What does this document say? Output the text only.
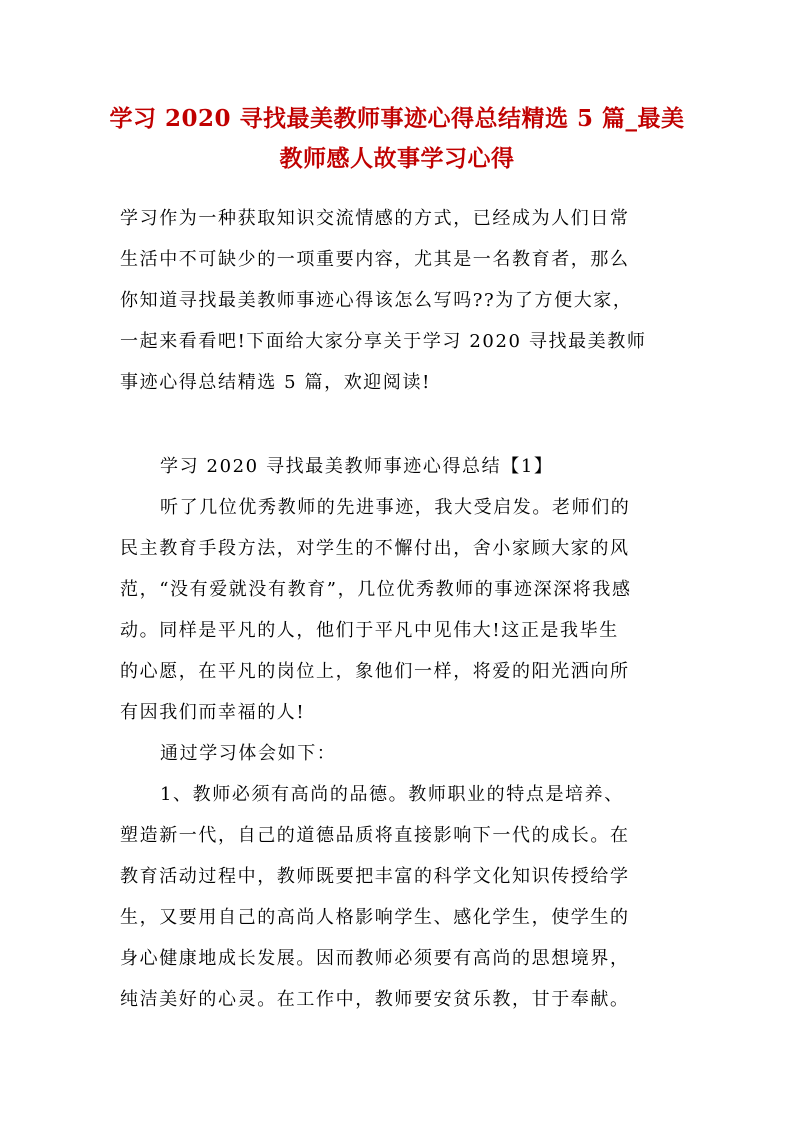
学习 2020 寻找最美教师事迹心得总结精选 5 篇_最美
教师感人故事学习心得
学习作为一种获取知识交流情感的方式，已经成为人们日常
生活中不可缺少的一项重要内容，尤其是一名教育者，那么
你知道寻找最美教师事迹心得该怎么写吗??为了方便大家，
一起来看看吧!下面给大家分享关于学习 2020 寻找最美教师
事迹心得总结精选 5 篇，欢迎阅读!
学习 2020 寻找最美教师事迹心得总结【1】
听了几位优秀教师的先进事迹，我大受启发。老师们的
民主教育手段方法，对学生的不懈付出，舍小家顾大家的风
范，“没有爱就没有教育”，几位优秀教师的事迹深深将我感
动。同样是平凡的人，他们于平凡中见伟大!这正是我毕生
的心愿，在平凡的岗位上，象他们一样，将爱的阳光洒向所
有因我们而幸福的人!
通过学习体会如下：
1、教师必须有高尚的品德。教师职业的特点是培养、
塑造新一代，自己的道德品质将直接影响下一代的成长。在
教育活动过程中，教师既要把丰富的科学文化知识传授给学
生，又要用自己的高尚人格影响学生、感化学生，使学生的
身心健康地成长发展。因而教师必须要有高尚的思想境界，
纯洁美好的心灵。在工作中，教师要安贫乐教，甘于奉献。
